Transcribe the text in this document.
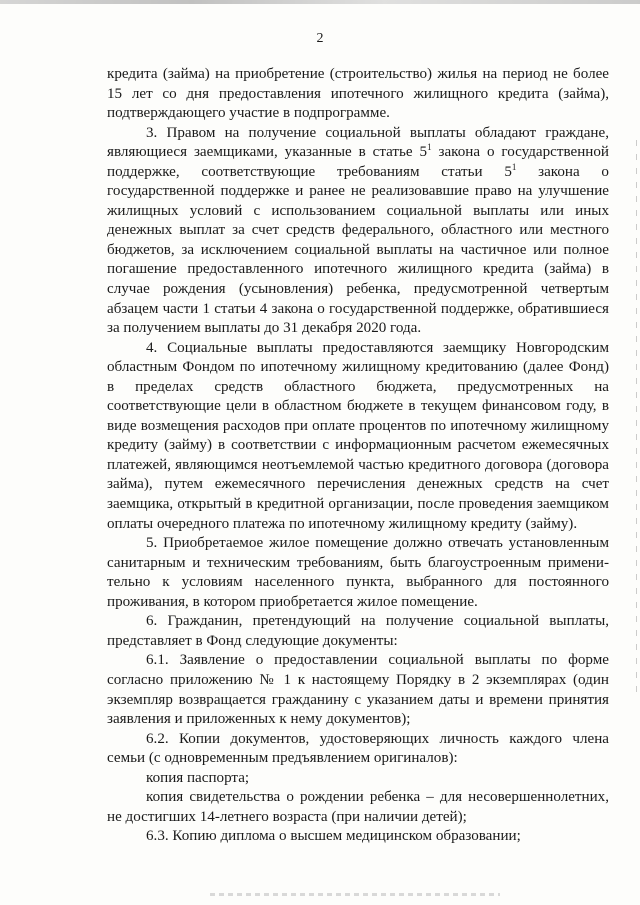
2

кредита (займа) на приобретение (строительство) жилья на период не более 15 лет со дня предоставления ипотечного жилищного кредита (займа), подтверждающего участие в подпрограмме.

3. Правом на получение социальной выплаты обладают граждане, являющиеся заемщиками, указанные в статье $5^1$ закона о государственной поддержке, соответствующие требованиям статьи $5^1$ закона о государственной поддержке и ранее не реализовавшие право на улучшение жилищных условий с использованием социальной выплаты или иных денежных выплат за счет средств федерального, областного или местного бюджетов, за исключением социальной выплаты на частичное или полное погашение предоставленного ипотечного жилищного кредита (займа) в случае рождения (усыновления) ребенка, предусмотренной четвертым абзацем части 1 статьи 4 закона о государственной поддержке, обратившиеся за получением выплаты до 31 декабря 2020 года.

4. Социальные выплаты предоставляются заемщику Новгородским областным Фондом по ипотечному жилищному кредитованию (далее Фонд) в пределах средств областного бюджета, предусмотренных на соответствующие цели в областном бюджете в текущем финансовом году, в виде возмещения расходов при оплате процентов по ипотечному жилищному кредиту (займу) в соответствии с информационным расчетом ежемесячных платежей, являющимся неотъемлемой частью кредитного договора (договора займа), путем ежемесячного перечисления денежных средств на счет заемщика, открытый в кредитной организации, после проведения заемщиком оплаты очередного платежа по ипотечному жилищному кредиту (займу).

5. Приобретаемое жилое помещение должно отвечать установленным санитарным и техническим требованиям, быть благоустроенным примени-тельно к условиям населенного пункта, выбранного для постоянного проживания, в котором приобретается жилое помещение.

6. Гражданин, претендующий на получение социальной выплаты, представляет в Фонд следующие документы:

6.1. Заявление о предоставлении социальной выплаты по форме согласно приложению № 1 к настоящему Порядку в 2 экземплярах (один экземпляр возвращается гражданину с указанием даты и времени принятия заявления и приложенных к нему документов);

6.2. Копии документов, удостоверяющих личность каждого члена семьи (с одновременным предъявлением оригиналов):

копия паспорта;

копия свидетельства о рождении ребенка – для несовершеннолетних, не достигших 14-летнего возраста (при наличии детей);

6.3. Копию диплома о высшем медицинском образовании;
